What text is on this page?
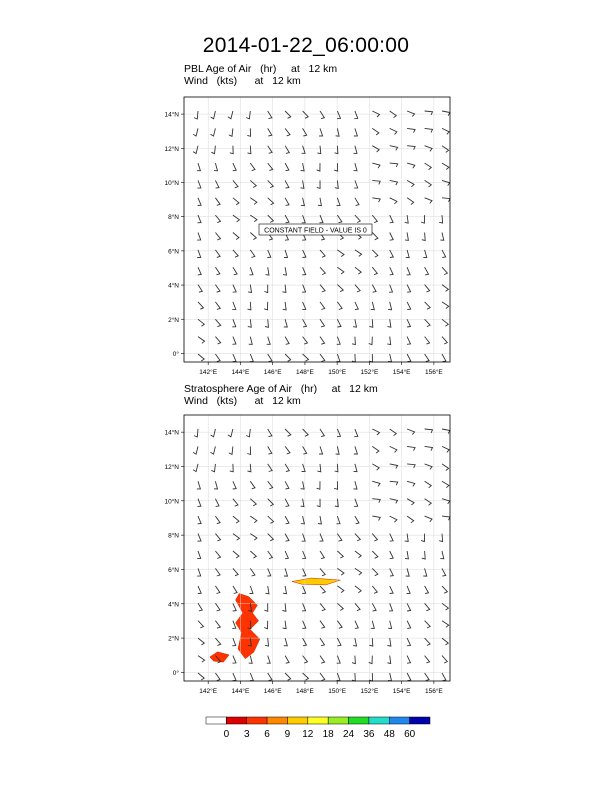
2014-01-22_06:00:00
PBL Age of Air   (hr)     at   12 km
Wind   (kts)      at   12 km
Stratosphere Age of Air   (hr)     at   12 km
Wind   (kts)      at   12 km
142°E 144°E 146°E 148°E 150°E 152°E 154°E 156°E
0°
2°N
4°N
6°N
8°N
10°N
12°N
14°N
142°E 144°E 146°E 148°E 150°E 152°E 154°E 156°E
0°
2°N
4°N
6°N
8°N
10°N
12°N
14°N
CONSTANT FIELD - VALUE IS 0
0 3 6 9 12 18 24 36 48 60
